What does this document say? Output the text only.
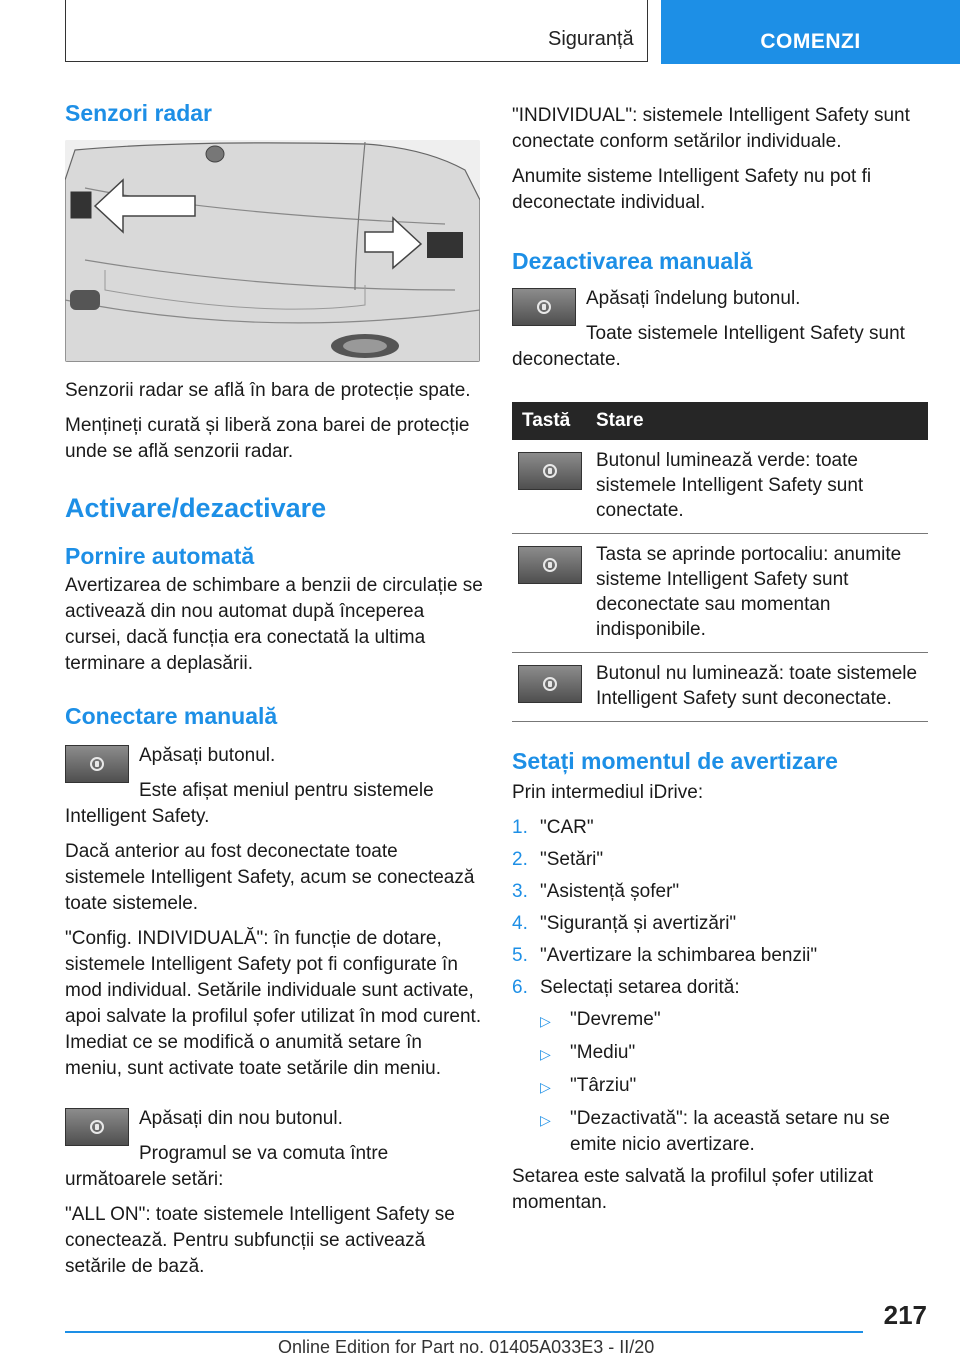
Siguranță	COMENZI
Senzori radar

Senzorii radar se află în bara de protecție spate.

Mențineți curată și liberă zona barei de protecție unde se află senzorii radar.

Activare/dezactivare
Pornire automată

Avertizarea de schimbare a benzii de circulație se activează din nou automat după începerea cursei, dacă funcția era conectată la ultima terminare a deplasării.

Conectare manuală

Apăsați butonul.

Este afișat meniul pentru sistemele Intelligent Safety.

Dacă anterior au fost deconectate toate sistemele Intelligent Safety, acum se conectează toate sistemele.

"Config. INDIVIDUALĂ": în funcție de dotare, sistemele Intelligent Safety pot fi configurate în mod individual. Setările individuale sunt activate, apoi salvate la profilul șofer utilizat în mod curent. Imediat ce se modifică o anumită setare în meniu, sunt activate toate setările din meniu.

Apăsați din nou butonul.

Programul se va comuta între următoarele setări:

"ALL ON": toate sistemele Intelligent Safety se conectează. Pentru subfuncții se activează setările de bază.

"INDIVIDUAL": sistemele Intelligent Safety sunt conectate conform setărilor individuale.

Anumite sisteme Intelligent Safety nu pot fi deconectate individual.

Dezactivarea manuală

Apăsați îndelung butonul.

Toate sistemele Intelligent Safety sunt deconectate.

Tastă	Stare
Butonul luminează verde: toate sistemele Intelligent Safety sunt conectate.
Tasta se aprinde portocaliu: anumite sisteme Intelligent Safety sunt deconectate sau momentan indisponibile.
Butonul nu luminează: toate sistemele Intelligent Safety sunt deconectate.
Setați momentul de avertizare

Prin intermediul iDrive:

1. "CAR"
2. "Setări"
3. "Asistență șofer"
4. "Siguranță și avertizări"
5. "Avertizare la schimbarea benzii"
6. Selectați setarea dorită:
▷	"Devreme"
▷	"Mediu"
▷	"Târziu"
▷	"Dezactivată": la această setare nu se emite nicio avertizare.

Setarea este salvată la profilul șofer utilizat momentan.

217
Online Edition for Part no. 01405A033E3 - II/20
